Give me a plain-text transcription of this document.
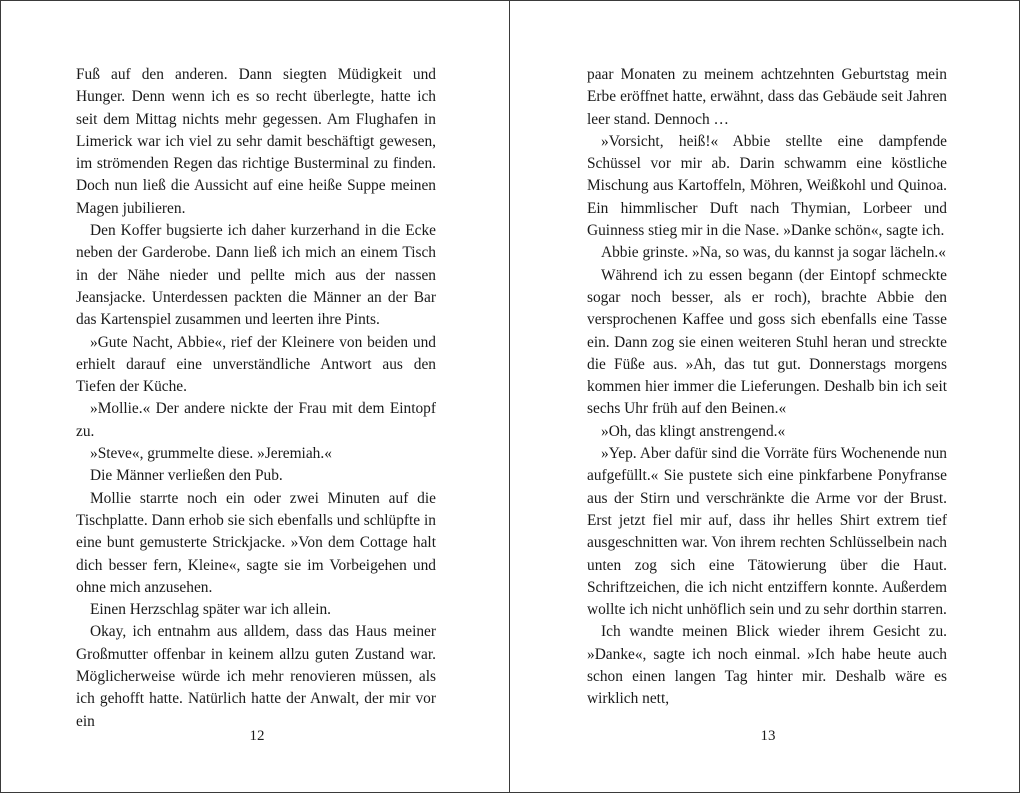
Fuß auf den anderen. Dann siegten Müdigkeit und Hunger. Denn wenn ich es so recht überlegte, hatte ich seit dem Mittag nichts mehr gegessen. Am Flughafen in Limerick war ich viel zu sehr damit beschäftigt gewesen, im strömenden Regen das richtige Busterminal zu finden. Doch nun ließ die Aussicht auf eine heiße Suppe meinen Magen jubilieren.

Den Koffer bugsierte ich daher kurzerhand in die Ecke neben der Garderobe. Dann ließ ich mich an einem Tisch in der Nähe nieder und pellte mich aus der nassen Jeansjacke. Unterdessen packten die Männer an der Bar das Kartenspiel zusammen und leerten ihre Pints.

»Gute Nacht, Abbie«, rief der Kleinere von beiden und erhielt darauf eine unverständliche Antwort aus den Tiefen der Küche.

»Mollie.« Der andere nickte der Frau mit dem Eintopf zu.

»Steve«, grummelte diese. »Jeremiah.«

Die Männer verließen den Pub.

Mollie starrte noch ein oder zwei Minuten auf die Tischplatte. Dann erhob sie sich ebenfalls und schlüpfte in eine bunt gemusterte Strickjacke. »Von dem Cottage halt dich besser fern, Kleine«, sagte sie im Vorbeigehen und ohne mich anzusehen.

Einen Herzschlag später war ich allein.

Okay, ich entnahm aus alldem, dass das Haus meiner Großmutter offenbar in keinem allzu guten Zustand war. Möglicherweise würde ich mehr renovieren müssen, als ich gehofft hatte. Natürlich hatte der Anwalt, der mir vor ein

12

paar Monaten zu meinem achtzehnten Geburtstag mein Erbe eröffnet hatte, erwähnt, dass das Gebäude seit Jahren leer stand. Dennoch …

»Vorsicht, heiß!« Abbie stellte eine dampfende Schüssel vor mir ab. Darin schwamm eine köstliche Mischung aus Kartoffeln, Möhren, Weißkohl und Quinoa. Ein himmlischer Duft nach Thymian, Lorbeer und Guinness stieg mir in die Nase. »Danke schön«, sagte ich.

Abbie grinste. »Na, so was, du kannst ja sogar lächeln.«

Während ich zu essen begann (der Eintopf schmeckte sogar noch besser, als er roch), brachte Abbie den versprochenen Kaffee und goss sich ebenfalls eine Tasse ein. Dann zog sie einen weiteren Stuhl heran und streckte die Füße aus. »Ah, das tut gut. Donnerstags morgens kommen hier immer die Lieferungen. Deshalb bin ich seit sechs Uhr früh auf den Beinen.«

»Oh, das klingt anstrengend.«

»Yep. Aber dafür sind die Vorräte fürs Wochenende nun aufgefüllt.« Sie pustete sich eine pinkfarbene Ponyfranse aus der Stirn und verschränkte die Arme vor der Brust. Erst jetzt fiel mir auf, dass ihr helles Shirt extrem tief ausgeschnitten war. Von ihrem rechten Schlüsselbein nach unten zog sich eine Tätowierung über die Haut. Schriftzeichen, die ich nicht entziffern konnte. Außerdem wollte ich nicht unhöflich sein und zu sehr dorthin starren.

Ich wandte meinen Blick wieder ihrem Gesicht zu. »Danke«, sagte ich noch einmal. »Ich habe heute auch schon einen langen Tag hinter mir. Deshalb wäre es wirklich nett,

13
